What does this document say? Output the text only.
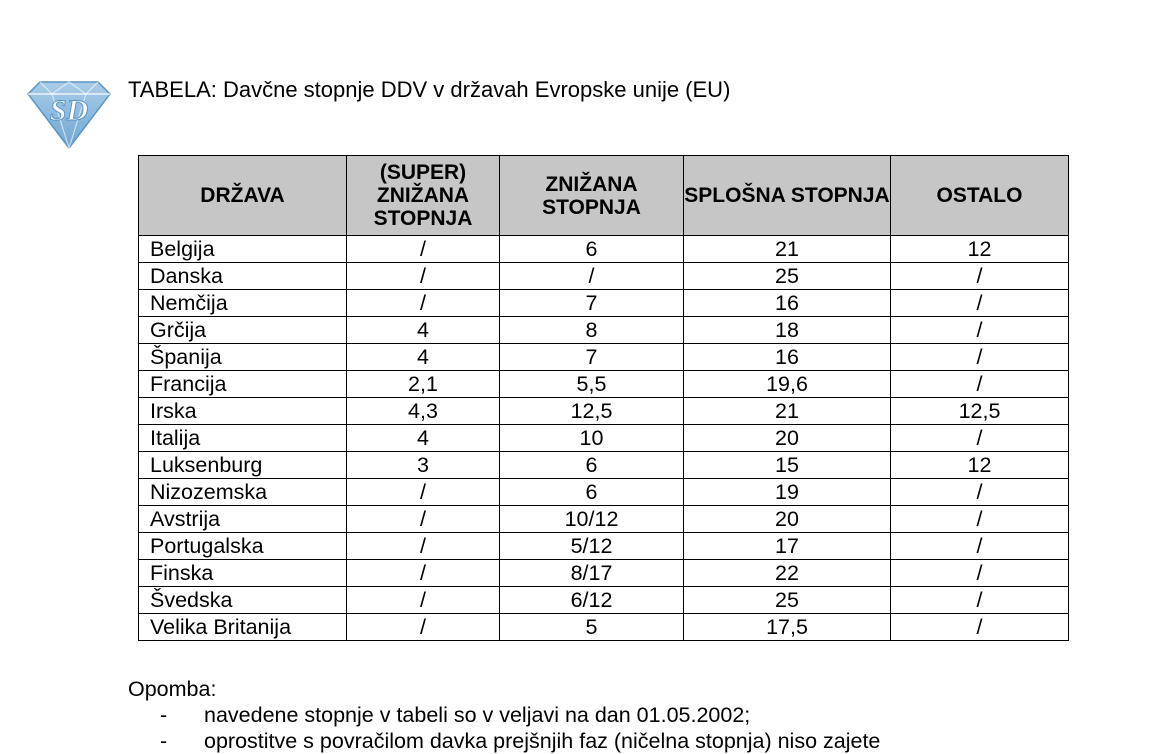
SD
TABELA: Davčne stopnje DDV v državah Evropske unije (EU)
DRŽAVA	(SUPER) ZNIŽANA STOPNJA	ZNIŽANA STOPNJA	SPLOŠNA STOPNJA	OSTALO
Belgija	/	6	21	12
Danska	/	/	25	/
Nemčija	/	7	16	/
Grčija	4	8	18	/
Španija	4	7	16	/
Francija	2,1	5,5	19,6	/
Irska	4,3	12,5	21	12,5
Italija	4	10	20	/
Luksenburg	3	6	15	12
Nizozemska	/	6	19	/
Avstrija	/	10/12	20	/
Portugalska	/	5/12	17	/
Finska	/	8/17	22	/
Švedska	/	6/12	25	/
Velika Britanija	/	5	17,5	/
Opomba:
- navedene stopnje v tabeli so v veljavi na dan 01.05.2002;
- oprostitve s povračilom davka prejšnjih faz (ničelna stopnja) niso zajete
